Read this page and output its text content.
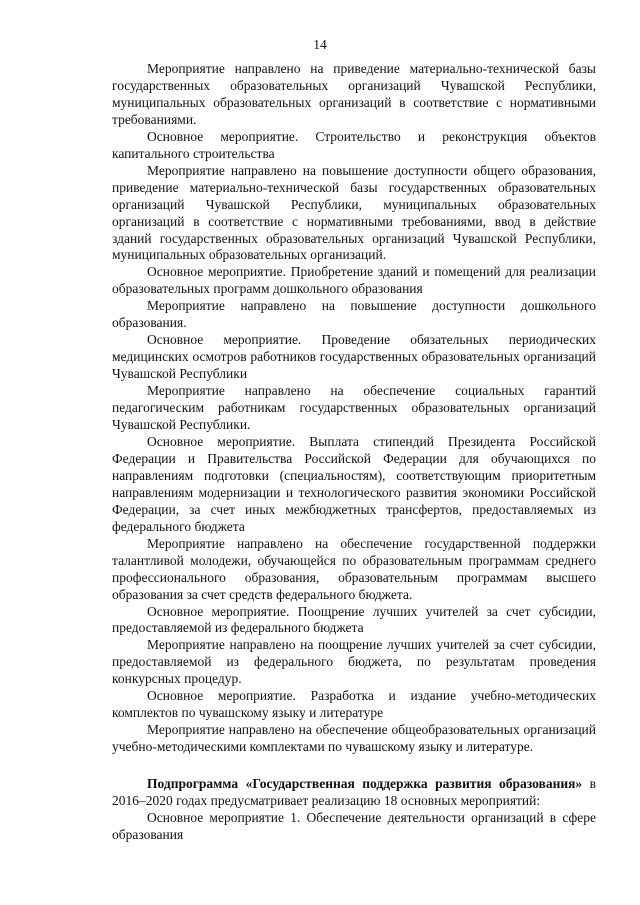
14

Мероприятие направлено на приведение материально-технической базы государственных образовательных организаций Чувашской Республики, муниципальных образовательных организаций в соответствие с нормативными требованиями.

Основное мероприятие. Строительство и реконструкция объектов капитального строительства

Мероприятие направлено на повышение доступности общего образования, приведение материально-технической базы государственных образовательных организаций Чувашской Республики, муниципальных образовательных организаций в соответствие с нормативными требованиями, ввод в действие зданий государственных образовательных организаций Чувашской Республики, муниципальных образовательных организаций.

Основное мероприятие. Приобретение зданий и помещений для реализации образовательных программ дошкольного образования

Мероприятие направлено на повышение доступности дошкольного образования.

Основное мероприятие. Проведение обязательных периодических медицинских осмотров работников государственных образовательных организаций Чувашской Республики

Мероприятие направлено на обеспечение социальных гарантий педагогическим работникам государственных образовательных организаций Чувашской Республики.

Основное мероприятие. Выплата стипендий Президента Российской Федерации и Правительства Российской Федерации для обучающихся по направлениям подготовки (специальностям), соответствующим приоритетным направлениям модернизации и технологического развития экономики Российской Федерации, за счет иных межбюджетных трансфертов, предоставляемых из федерального бюджета

Мероприятие направлено на обеспечение государственной поддержки талантливой молодежи, обучающейся по образовательным программам среднего профессионального образования, образовательным программам высшего образования за счет средств федерального бюджета.

Основное мероприятие. Поощрение лучших учителей за счет субсидии, предоставляемой из федерального бюджета

Мероприятие направлено на поощрение лучших учителей за счет субсидии, предоставляемой из федерального бюджета, по результатам проведения конкурсных процедур.

Основное мероприятие. Разработка и издание учебно-методических комплектов по чувашскому языку и литературе

Мероприятие направлено на обеспечение общеобразовательных организаций учебно-методическими комплектами по чувашскому языку и литературе.

Подпрограмма «Государственная поддержка развития образования» в 2016–2020 годах предусматривает реализацию 18 основных мероприятий:

Основное мероприятие 1. Обеспечение деятельности организаций в сфере образования
